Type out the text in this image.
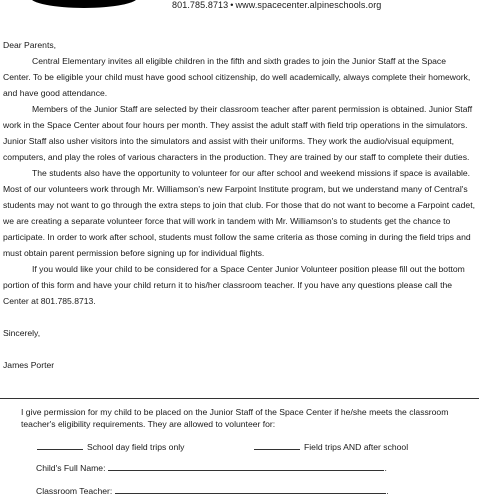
801.785.8713 • www.spacecenter.alpineschools.org

Dear Parents,

Central Elementary invites all eligible children in the fifth and sixth grades to join the Junior Staff at the Space Center. To be eligible your child must have good school citizenship, do well academically, always complete their homework, and have good attendance.

Members of the Junior Staff are selected by their classroom teacher after parent permission is obtained. Junior Staff work in the Space Center about four hours per month. They assist the adult staff with field trip operations in the simulators. Junior Staff also usher visitors into the simulators and assist with their uniforms. They work the audio/visual equipment, computers, and play the roles of various characters in the production. They are trained by our staff to complete their duties.

The students also have the opportunity to volunteer for our after school and weekend missions if space is available. Most of our volunteers work through Mr. Williamson's new Farpoint Institute program, but we understand many of Central's students may not want to go through the extra steps to join that club. For those that do not want to become a Farpoint cadet, we are creating a separate volunteer force that will work in tandem with Mr. Williamson's to students get the chance to participate. In order to work after school, students must follow the same criteria as those coming in during the field trips and must obtain parent permission before signing up for individual flights.

If you would like your child to be considered for a Space Center Junior Volunteer position please fill out the bottom portion of this form and have your child return it to his/her classroom teacher. If you have any questions please call the Center at 801.785.8713.

Sincerely,

James Porter

I give permission for my child to be placed on the Junior Staff of the Space Center if he/she meets the classroom teacher's eligibility requirements. They are allowed to volunteer for:
School day field trips only	Field trips AND after school
Child's Full Name:	.
Classroom Teacher:	.
